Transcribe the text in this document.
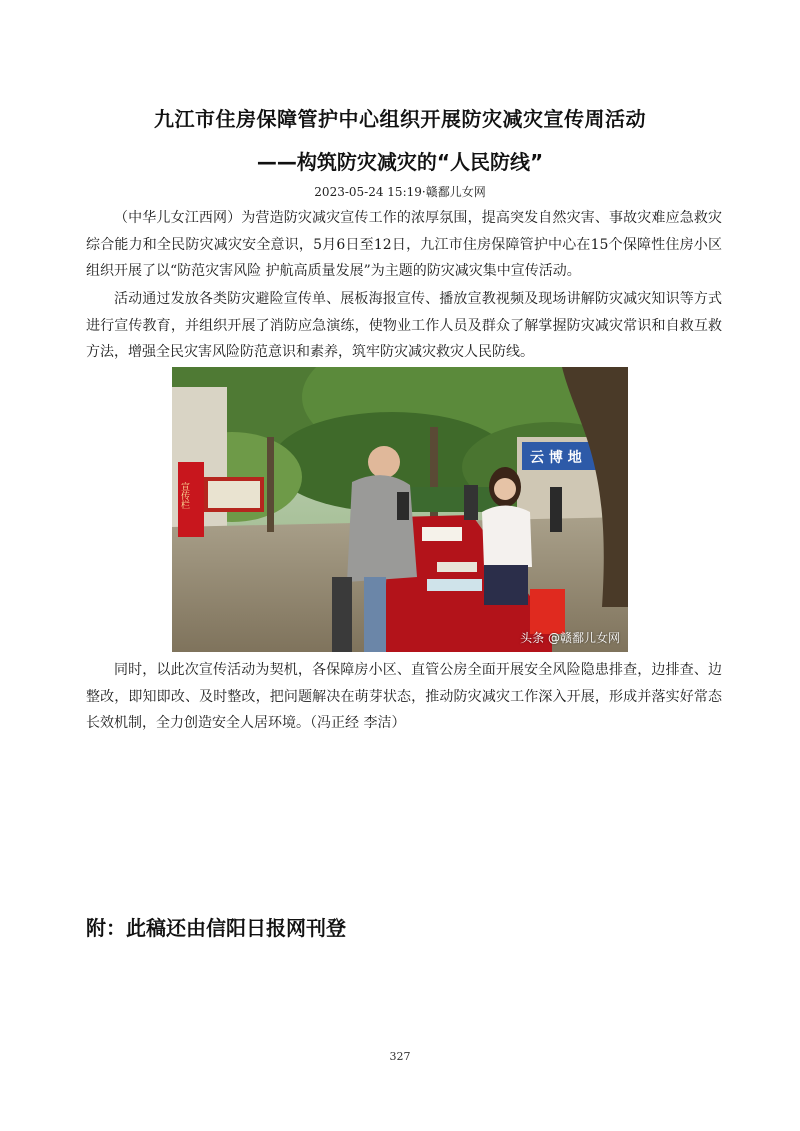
九江市住房保障管护中心组织开展防灾减灾宣传周活动
——构筑防灾减灾的“人民防线”
2023-05-24 15:19·赣鄱儿女网

（中华儿女江西网）为营造防灾减灾宣传工作的浓厚氛围，提高突发自然灾害、事故灾难应急救灾综合能力和全民防灾减灾安全意识，5月6日至12日，九江市住房保障管护中心在15个保障性住房小区组织开展了以“防范灾害风险 护航高质量发展”为主题的防灾减灾集中宣传活动。

活动通过发放各类防灾避险宣传单、展板海报宣传、播放宣教视频及现场讲解防灾减灾知识等方式进行宣传教育，并组织开展了消防应急演练，使物业工作人员及群众了解掌握防灾减灾常识和自救互救方法，增强全民灾害风险防范意识和素养，筑牢防灾减灾救灾人民防线。

云 博 地
宣传栏
头条 @赣鄱儿女网

同时，以此次宣传活动为契机，各保障房小区、直管公房全面开展安全风险隐患排查，边排查、边整改，即知即改、及时整改，把问题解决在萌芽状态，推动防灾减灾工作深入开展，形成并落实好常态长效机制，全力创造安全人居环境。（冯正经 李洁）

附：此稿还由信阳日报网刊登
327
